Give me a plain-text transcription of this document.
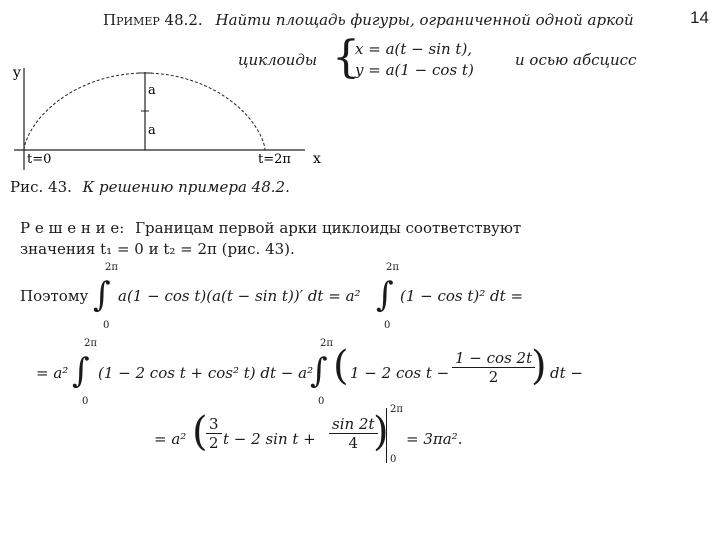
14
Пример 48.2. Найти площадь фигуры, ограниченной одной аркой
циклоиды {
x = a(t − sin t),
y = a(1 − cos t)
и осью абсцисс
y
x
a
a
t=0	t=2π
Рис. 43. К решению примера 48.2.
Р е ш е н и е: Границам первой арки циклоиды соответствуют
значения t₁ = 0 и t₂ = 2π (рис. 43).
Поэтому ∫
2π
0
a(1 − cos t)(a(t − sin t))′ dt = a² ∫
2π
0
(1 − cos t)² dt =
= a² ∫
2π
0
(1 − 2 cos t + cos² t) dt − a²
∫
2π
0
( 1 − 2 $\cos t - \frac{1 - \cos 2t}{2}$
) dt −
= a² (
$\frac{3}{2}$ t − 2 $\sin t + \frac{\sin 2t}{4}$
) 2π
0
= 3πa².
